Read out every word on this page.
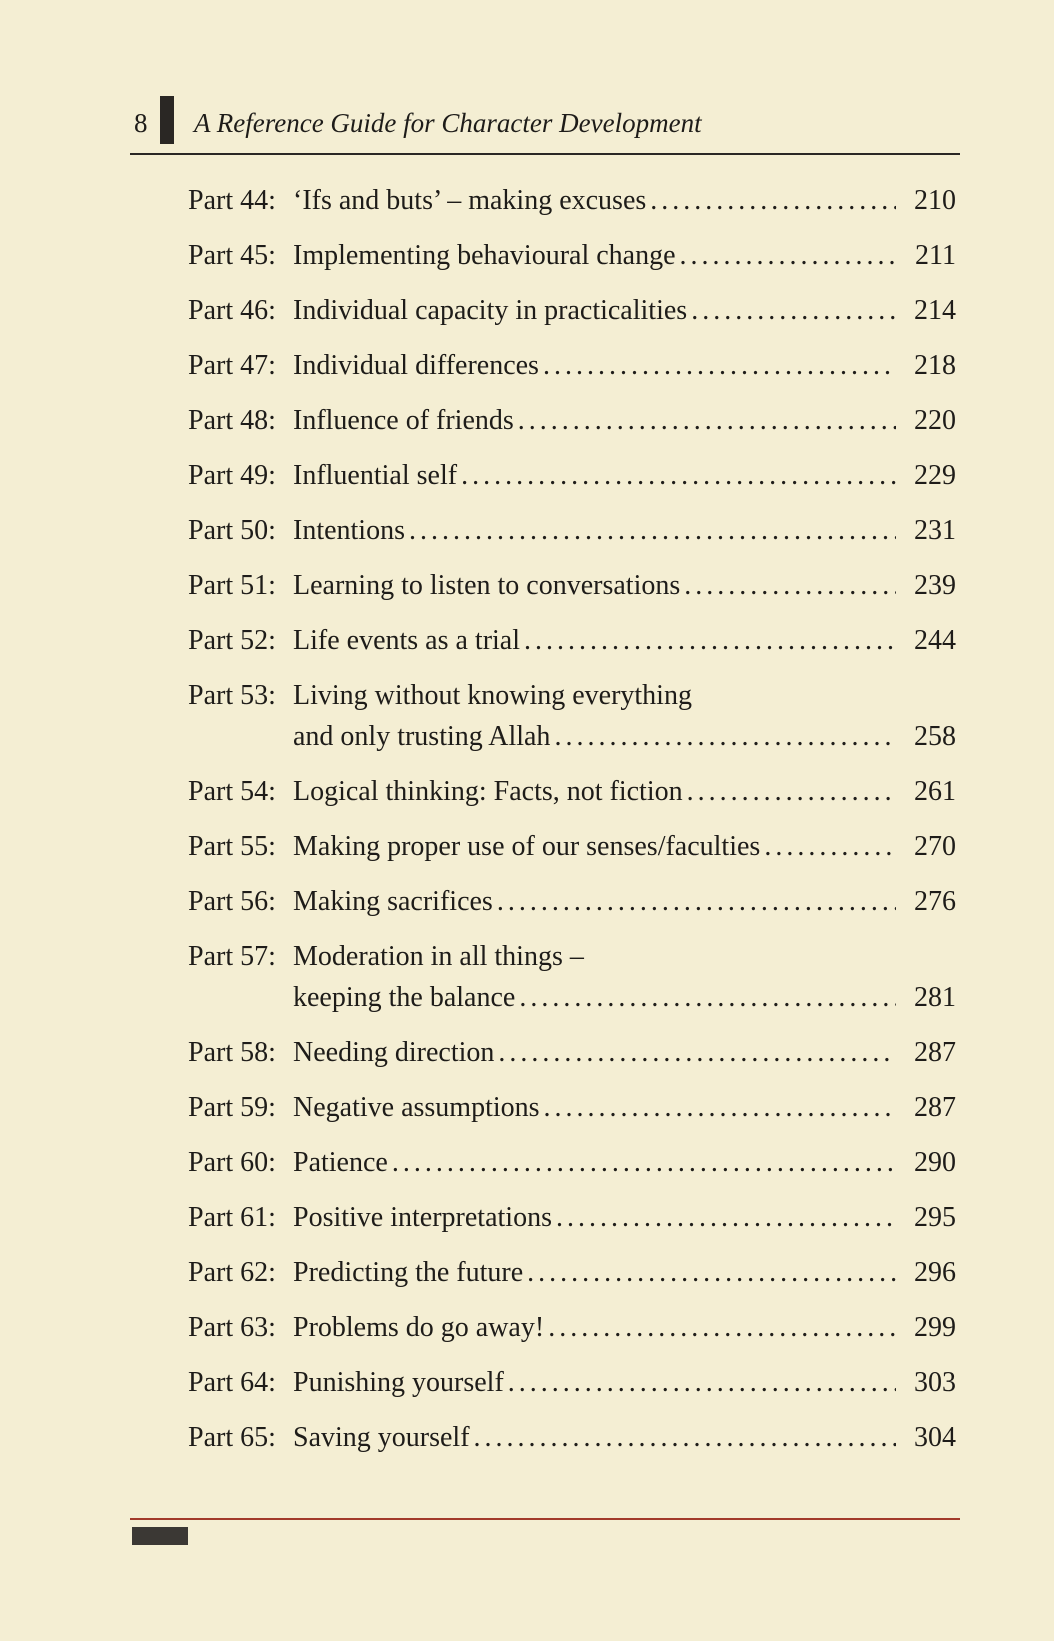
8 A Reference Guide for Character Development
Part 44: ‘Ifs and buts’ – making excuses . . .	210
Part 45: Implementing behavioural change . . .	211
Part 46: Individual capacity in practicalities . . .	214
Part 47: Individual differences . . .	218
Part 48: Influence of friends . . .	220
Part 49: Influential self . . .	229
Part 50: Intentions . . .	231
Part 51: Learning to listen to conversations . . .	239
Part 52: Life events as a trial . . .	244
Part 53: Living without knowing everything
and only trusting Allah . . .	258
Part 54: Logical thinking: Facts, not fiction . . .	261
Part 55: Making proper use of our senses/faculties . . .	270
Part 56: Making sacrifices . . .	276
Part 57: Moderation in all things –
keeping the balance . . .	281
Part 58: Needing direction . . .	287
Part 59: Negative assumptions . . .	287
Part 60: Patience . . .	290
Part 61: Positive interpretations . . .	295
Part 62: Predicting the future . . .	296
Part 63: Problems do go away! . . .	299
Part 64: Punishing yourself . . .	303
Part 65: Saving yourself . . .	304
